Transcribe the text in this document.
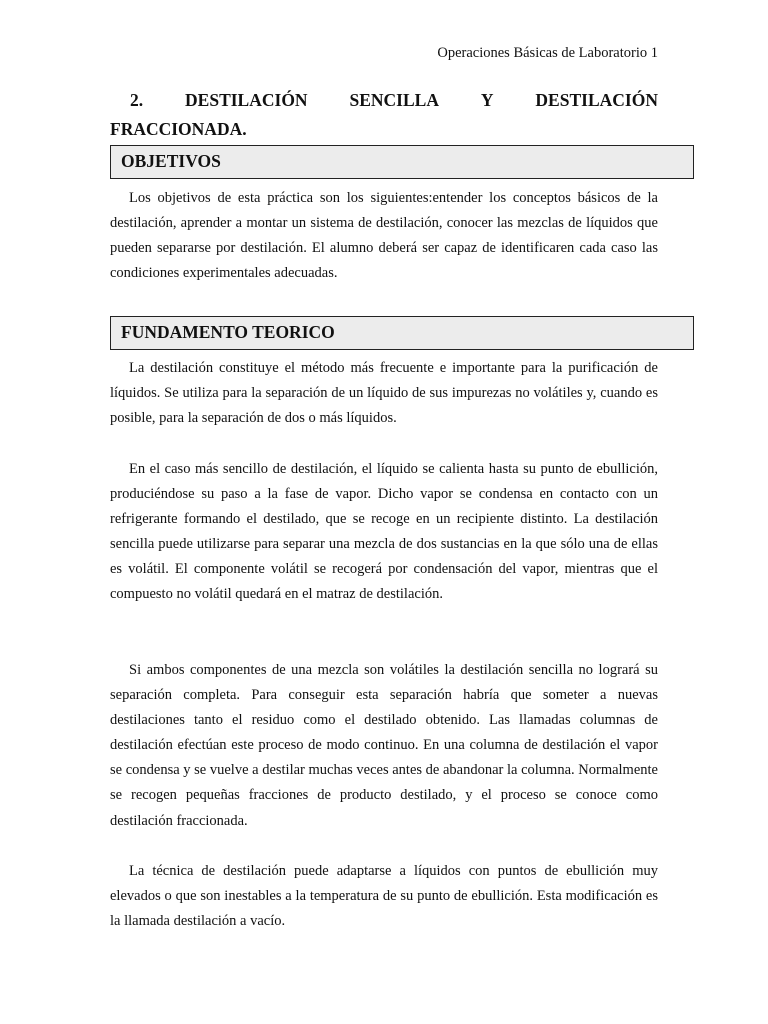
Operaciones Básicas de Laboratorio 1
2. DESTILACIÓN SENCILLA Y DESTILACIÓN
FRACCIONADA.
OBJETIVOS

Los objetivos de esta práctica son los siguientes:entender los conceptos básicos de la destilación, aprender a montar un sistema de destilación, conocer las mezclas de líquidos que pueden separarse por destilación. El alumno deberá ser capaz de identificaren cada caso las condiciones experimentales adecuadas.

FUNDAMENTO TEORICO

La destilación constituye el método más frecuente e importante para la purificación de líquidos. Se utiliza para la separación de un líquido de sus impurezas no volátiles y, cuando es posible, para la separación de dos o más líquidos.

En el caso más sencillo de destilación, el líquido se calienta hasta su punto de ebullición, produciéndose su paso a la fase de vapor. Dicho vapor se condensa en contacto con un refrigerante formando el destilado, que se recoge en un recipiente distinto. La destilación sencilla puede utilizarse para separar una mezcla de dos sustancias en la que sólo una de ellas es volátil. El componente volátil se recogerá por condensación del vapor, mientras que el compuesto no volátil quedará en el matraz de destilación.

Si ambos componentes de una mezcla son volátiles la destilación sencilla no logrará su separación completa. Para conseguir esta separación habría que someter a nuevas destilaciones tanto el residuo como el destilado obtenido. Las llamadas columnas de destilación efectúan este proceso de modo continuo. En una columna de destilación el vapor se condensa y se vuelve a destilar muchas veces antes de abandonar la columna. Normalmente se recogen pequeñas fracciones de producto destilado, y el proceso se conoce como destilación fraccionada.

La técnica de destilación puede adaptarse a líquidos con puntos de ebullición muy elevados o que son inestables a la temperatura de su punto de ebullición. Esta modificación es la llamada destilación a vacío.
